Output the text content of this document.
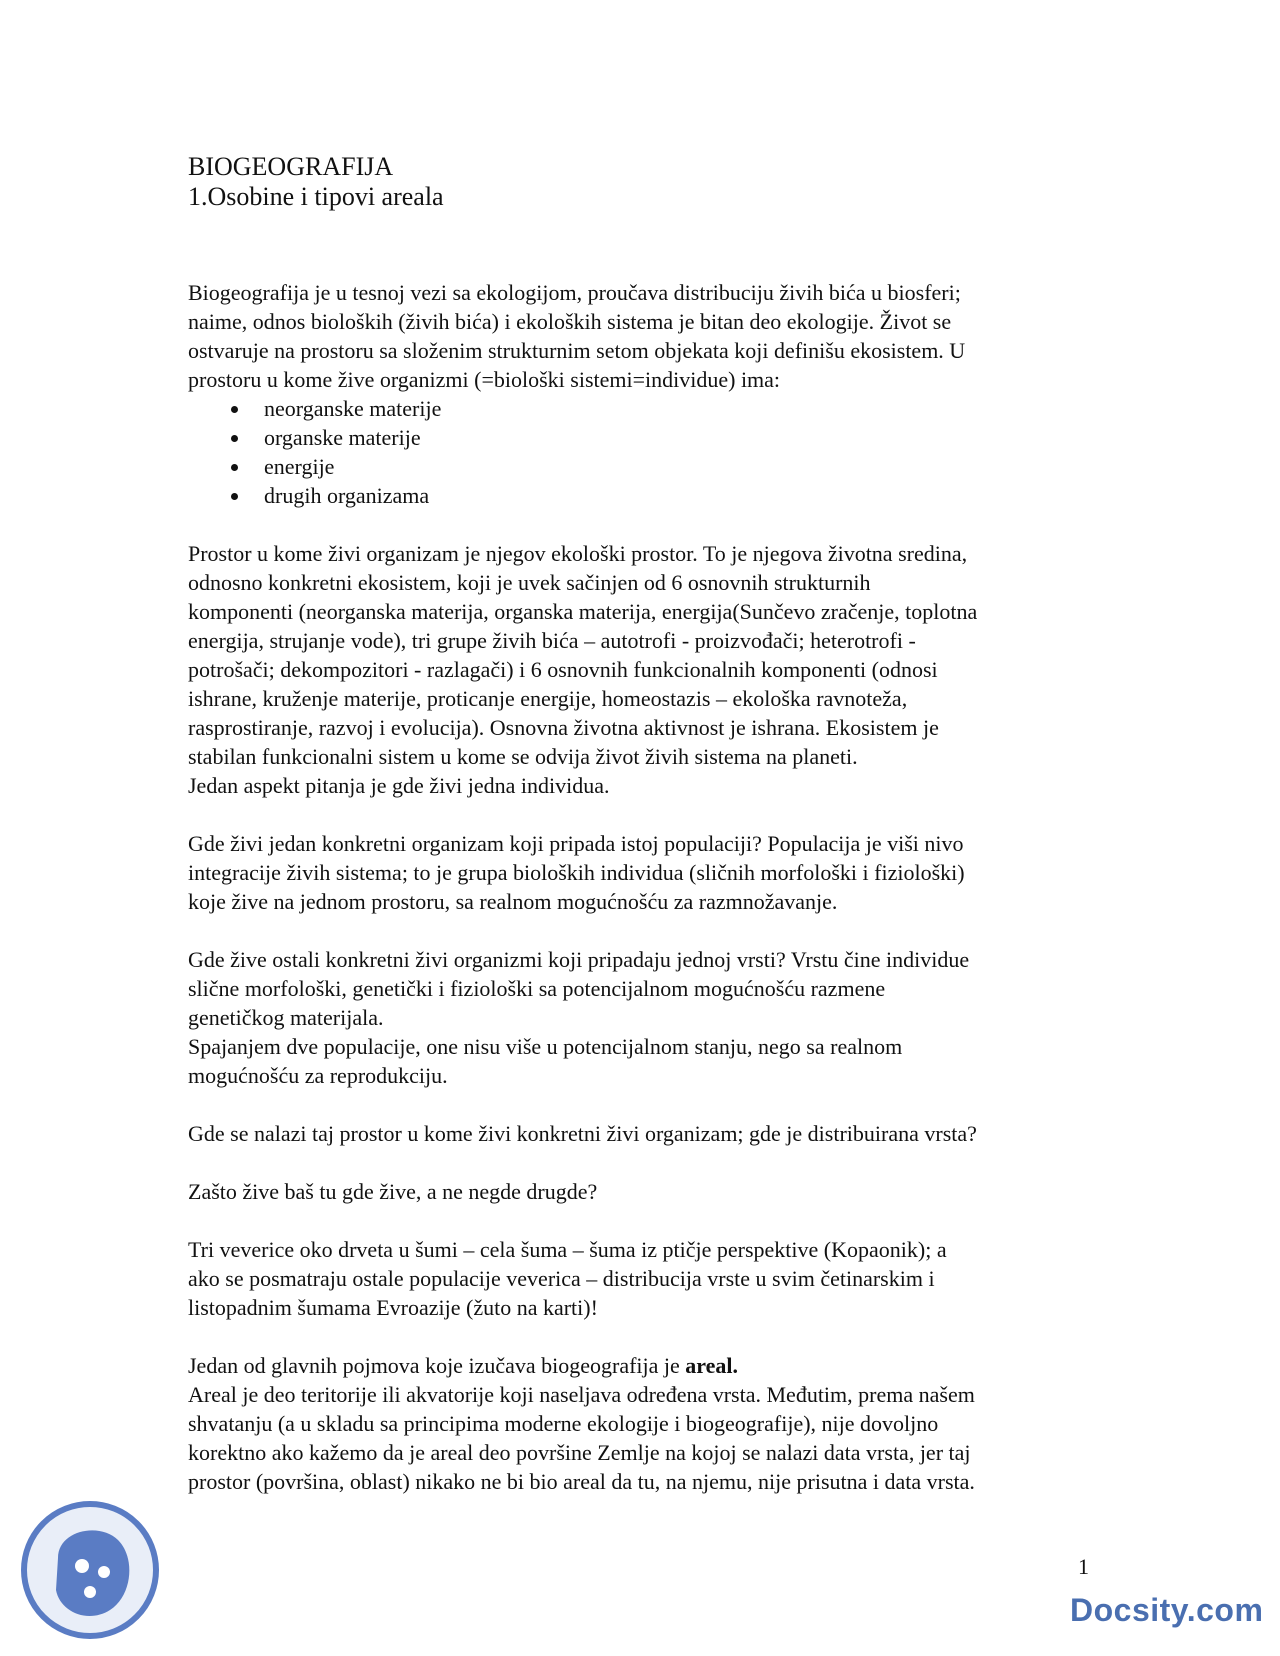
BIOGEOGRAFIJA
1.Osobine i tipovi areala

Biogeografija je u tesnoj vezi sa ekologijom, proučava distribuciju živih bića u biosferi;
naime, odnos bioloških (živih bića) i ekoloških sistema je bitan deo ekologije. Život se
ostvaruje na prostoru sa složenim strukturnim setom objekata koji definišu ekosistem. U
prostoru u kome žive organizmi (=biološki sistemi=individue) ima:

neorganske materije
organske materije
energije
drugih organizama

Prostor u kome živi organizam je njegov ekološki prostor. To je njegova životna sredina,
odnosno konkretni ekosistem, koji je uvek sačinjen od 6 osnovnih strukturnih
komponenti (neorganska materija, organska materija, energija(Sunčevo zračenje, toplotna
energija, strujanje vode), tri grupe živih bića – autotrofi - proizvođači; heterotrofi -
potrošači; dekompozitori - razlagači) i 6 osnovnih funkcionalnih komponenti (odnosi
ishrane, kruženje materije, proticanje energije, homeostazis – ekološka ravnoteža,
rasprostiranje, razvoj i evolucija). Osnovna životna aktivnost je ishrana. Ekosistem je
stabilan funkcionalni sistem u kome se odvija život živih sistema na planeti.
Jedan aspekt pitanja je gde živi jedna individua.

Gde živi jedan konkretni organizam koji pripada istoj populaciji? Populacija je viši nivo
integracije živih sistema; to je grupa bioloških individua (sličnih morfološki i fiziološki)
koje žive na jednom prostoru, sa realnom mogućnošću za razmnožavanje.

Gde žive ostali konkretni živi organizmi koji pripadaju jednoj vrsti? Vrstu čine individue
slične morfološki, genetički i fiziološki sa potencijalnom mogućnošću razmene
genetičkog materijala.
Spajanjem dve populacije, one nisu više u potencijalnom stanju, nego sa realnom
mogućnošću za reprodukciju.

Gde se nalazi taj prostor u kome živi konkretni živi organizam; gde je distribuirana vrsta?

Zašto žive baš tu gde žive, a ne negde drugde?

Tri veverice oko drveta u šumi – cela šuma – šuma iz ptičje perspektive (Kopaonik); a
ako se posmatraju ostale populacije veverica – distribucija vrste u svim četinarskim i
listopadnim šumama Evroazije (žuto na karti)!

Jedan od glavnih pojmova koje izučava biogeografija je areal.

Areal je deo teritorije ili akvatorije koji naseljava određena vrsta. Međutim, prema našem
shvatanju (a u skladu sa principima moderne ekologije i biogeografije), nije dovoljno
korektno ako kažemo da je areal deo površine Zemlje na kojoj se nalazi data vrsta, jer taj
prostor (površina, oblast) nikako ne bi bio areal da tu, na njemu, nije prisutna i data vrsta.

1
Docsity.com
